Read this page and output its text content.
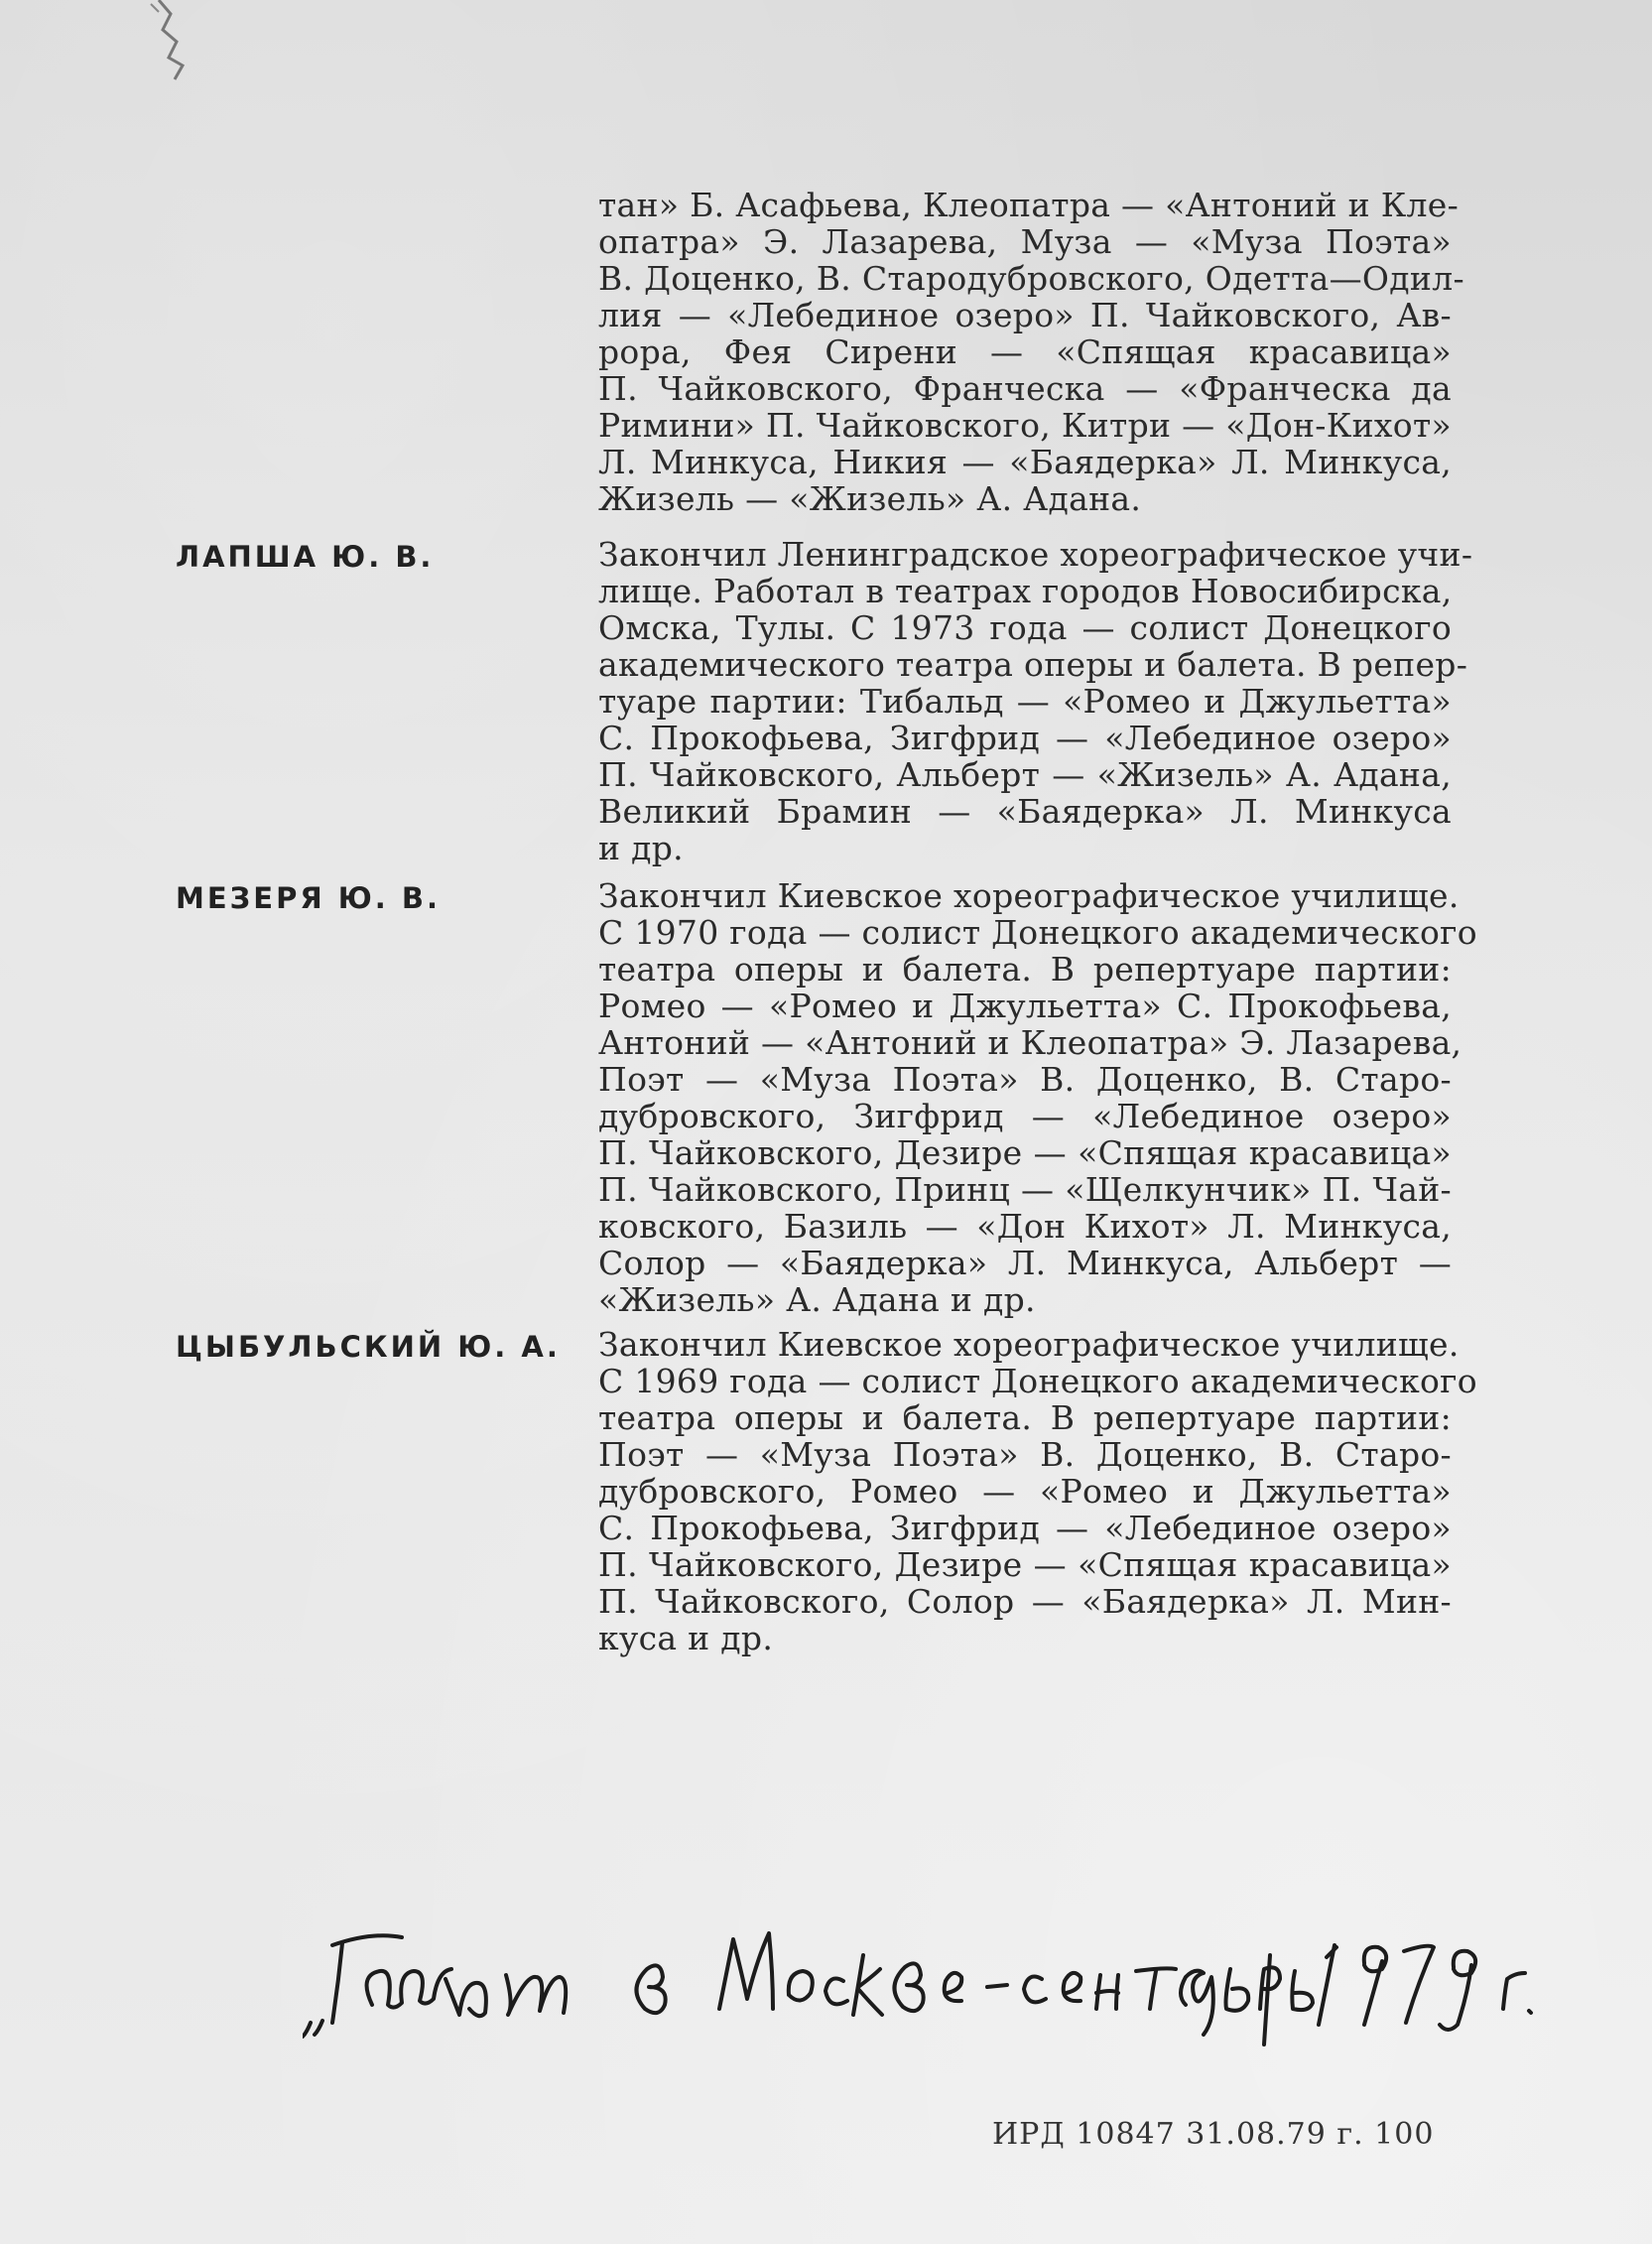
тан» Б. Асафьева, Клеопатра — «Антоний и Кле-
опатра» Э. Лазарева, Муза — «Муза Поэта»
В. Доценко, В. Стародубровского, Одетта—Одил-
лия — «Лебединое озеро» П. Чайковского, Ав-
рора, Фея Сирени — «Спящая красавица»
П. Чайковского, Франческа — «Франческа да
Римини» П. Чайковского, Китри — «Дон-Кихот»
Л. Минкуса, Никия — «Баядерка» Л. Минкуса,
Жизель — «Жизель» А. Адана.
ЛАПША Ю. В.	Закончил Ленинградское хореографическое учи-
лище. Работал в театрах городов Новосибирска,
Омска, Тулы. С 1973 года — солист Донецкого
академического театра оперы и балета. В репер-
туаре партии: Тибальд — «Ромео и Джульетта»
С. Прокофьева, Зигфрид — «Лебединое озеро»
П. Чайковского, Альберт — «Жизель» А. Адана,
Великий Брамин — «Баядерка» Л. Минкуса
и др.
МЕЗЕРЯ Ю. В.	Закончил Киевское хореографическое училище.
С 1970 года — солист Донецкого академического
театра оперы и балета. В репертуаре партии:
Ромео — «Ромео и Джульетта» С. Прокофьева,
Антоний — «Антоний и Клеопатра» Э. Лазарева,
Поэт — «Муза Поэта» В. Доценко, В. Старо-
дубровского, Зигфрид — «Лебединое озеро»
П. Чайковского, Дезире — «Спящая красавица»
П. Чайковского, Принц — «Щелкунчик» П. Чай-
ковского, Базиль — «Дон Кихот» Л. Минкуса,
Солор — «Баядерка» Л. Минкуса, Альберт —
«Жизель» А. Адана и др.
ЦЫБУЛЬСКИЙ Ю. А. Закончил Киевское хореографическое училище.
С 1969 года — солист Донецкого академического
театра оперы и балета. В репертуаре партии:
Поэт — «Муза Поэта» В. Доценко, В. Старо-
дубровского, Ромео — «Ромео и Джульетта»
С. Прокофьева, Зигфрид — «Лебединое озеро»
П. Чайковского, Дезире — «Спящая красавица»
П. Чайковского, Солор — «Баядерка» Л. Мин-
куса и др.
ИРД 10847 31.08.79 г. 100
